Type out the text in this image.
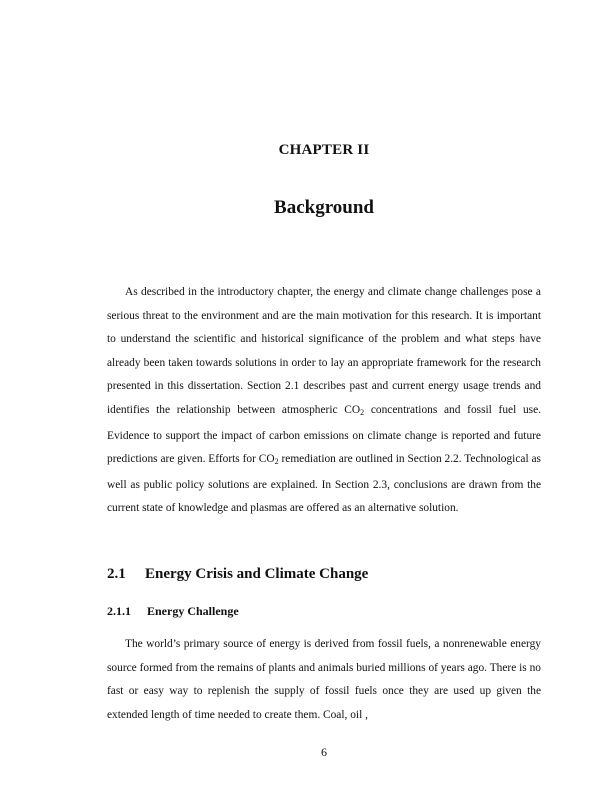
CHAPTER II
Background

As described in the introductory chapter, the energy and climate change challenges pose a serious threat to the environment and are the main motivation for this research. It is important to understand the scientific and historical significance of the problem and what steps have already been taken towards solutions in order to lay an appropriate framework for the research presented in this dissertation. Section 2.1 describes past and current energy usage trends and identifies the relationship between atmospheric $CO_2$ concentrations and fossil fuel use. Evidence to support the impact of carbon emissions on climate change is reported and future predictions are given. Efforts for $CO_2$ remediation are outlined in Section 2.2. Technological as well as public policy solutions are explained. In Section 2.3, conclusions are drawn from the current state of knowledge and plasmas are offered as an alternative solution.

2.1 Energy Crisis and Climate Change
2.1.1 Energy Challenge

The world’s primary source of energy is derived from fossil fuels, a nonrenewable energy source formed from the remains of plants and animals buried millions of years ago. There is no fast or easy way to replenish the supply of fossil fuels once they are used up given the extended length of time needed to create them. Coal, oil ,

6
